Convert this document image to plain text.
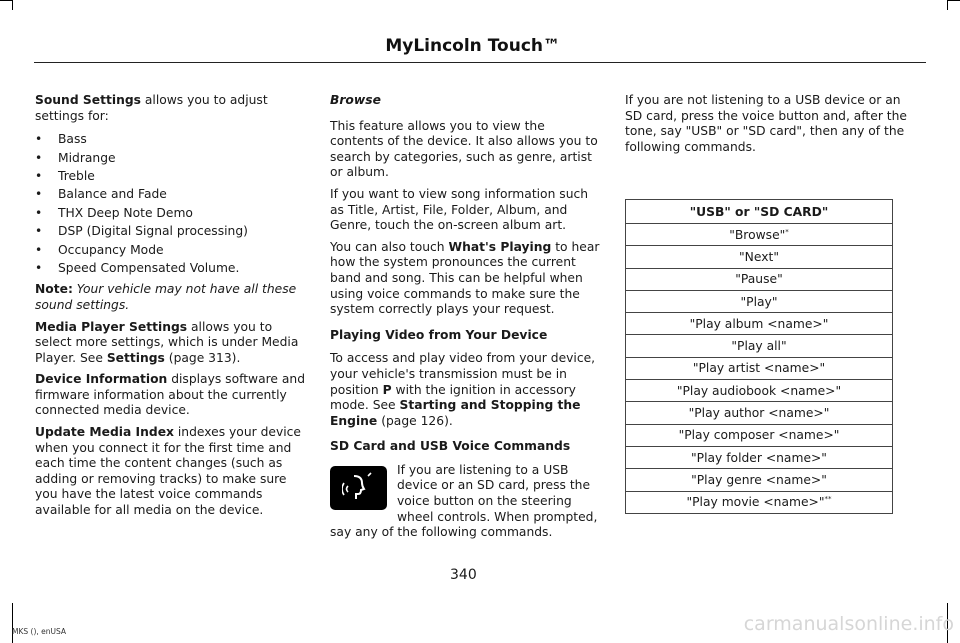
MyLincoln Touch™

Sound Settings allows you to adjust settings for:

• Bass
• Midrange
• Treble
• Balance and Fade
• THX Deep Note Demo
• DSP (Digital Signal processing)
• Occupancy Mode
• Speed Compensated Volume.

Note: Your vehicle may not have all these sound settings.

Media Player Settings allows you to select more settings, which is under Media Player. See Settings (page 313).

Device Information displays software and firmware information about the currently connected media device.

Update Media Index indexes your device when you connect it for the first time and each time the content changes (such as adding or removing tracks) to make sure you have the latest voice commands available for all media on the device.

Browse

This feature allows you to view the contents of the device. It also allows you to search by categories, such as genre, artist or album.

If you want to view song information such as Title, Artist, File, Folder, Album, and Genre, touch the on-screen album art.

You can also touch What's Playing to hear how the system pronounces the current band and song. This can be helpful when using voice commands to make sure the system correctly plays your request.

Playing Video from Your Device

To access and play video from your device, your vehicle's transmission must be in position P with the ignition in accessory mode. See Starting and Stopping the Engine (page 126).

SD Card and USB Voice Commands
If you are listening to a USB device or an SD card, press the voice button on the steering wheel controls. When prompted, say any of the following commands.

If you are not listening to a USB device or an SD card, press the voice button and, after the tone, say "USB" or "SD card", then any of the following commands.

"USB" or "SD CARD"
"Browse"*
"Next"
"Pause"
"Play"
"Play album <name>"
"Play all"
"Play artist <name>"
"Play audiobook <name>"
"Play author <name>"
"Play composer <name>"
"Play folder <name>"
"Play genre <name>"
"Play movie <name>"**
340
MKS (), enUSA	carmanualsonline.info
